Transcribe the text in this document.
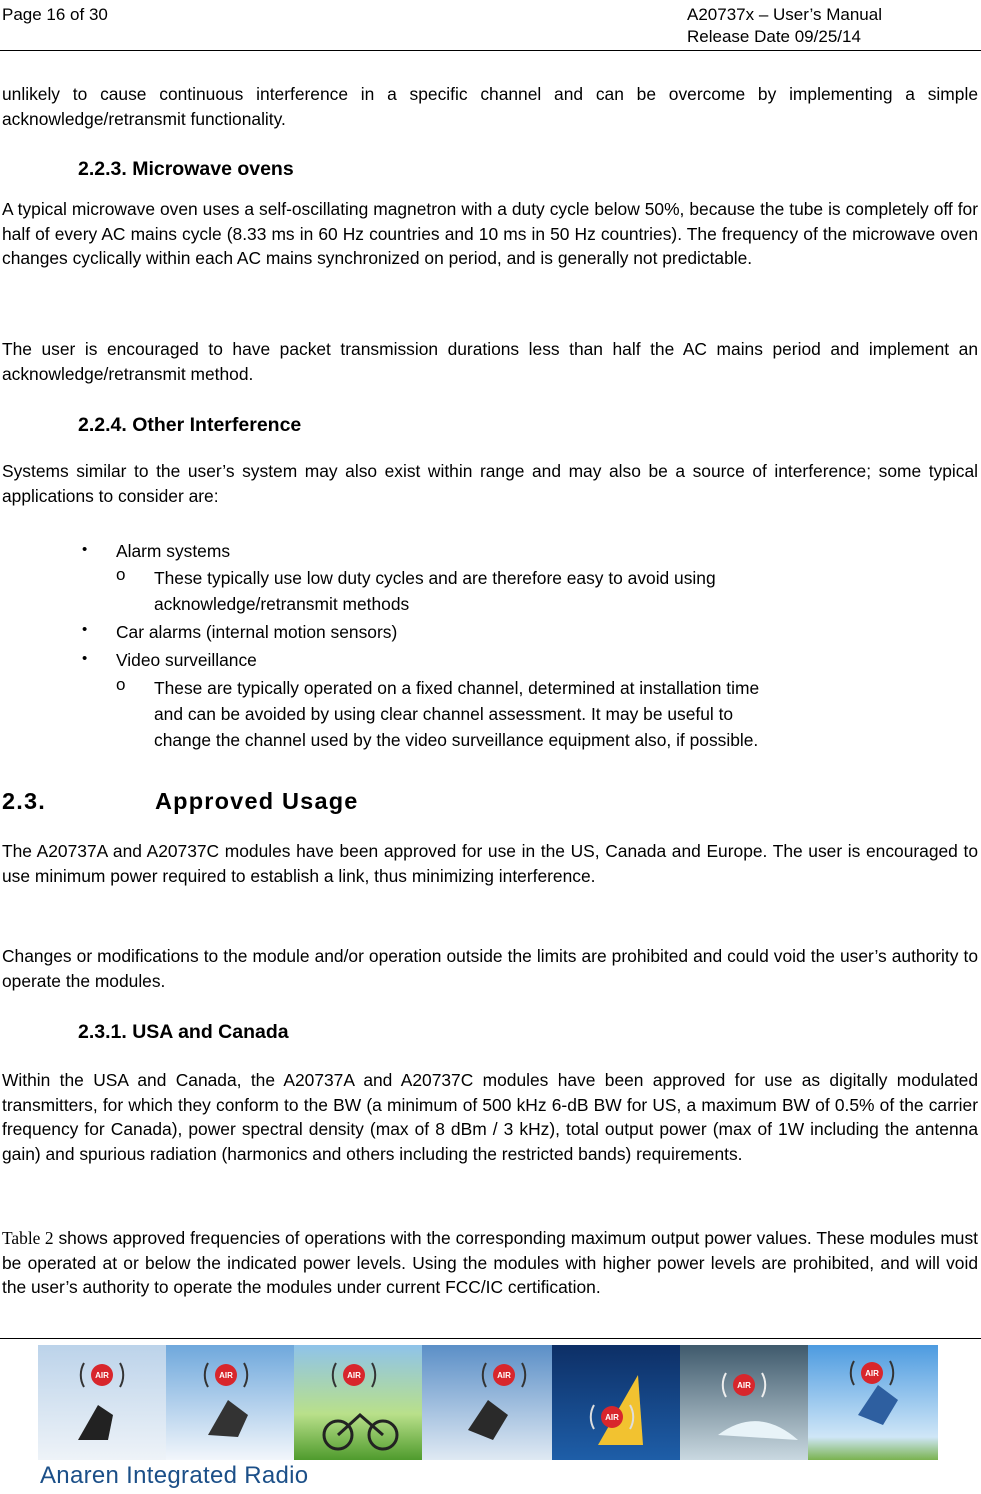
Page 16 of 30	A20737x – User’s Manual
Release Date 09/25/14
unlikely to cause continuous interference in a specific channel and can be overcome by implementing a simple acknowledge/retransmit functionality.
2.2.3. Microwave ovens
A typical microwave oven uses a self-oscillating magnetron with a duty cycle below 50%, because the tube is completely off for half of every AC mains cycle (8.33 ms in 60 Hz countries and 10 ms in 50 Hz countries). The frequency of the microwave oven changes cyclically within each AC mains synchronized on period, and is generally not predictable.
The user is encouraged to have packet transmission durations less than half the AC mains period and implement an acknowledge/retransmit method.
2.2.4. Other Interference
Systems similar to the user’s system may also exist within range and may also be a source of interference; some typical applications to consider are:
• Alarm systems
o These typically use low duty cycles and are therefore easy to avoid using
acknowledge/retransmit methods
• Car alarms (internal motion sensors)
• Video surveillance
o These are typically operated on a fixed channel, determined at installation time
and can be avoided by using clear channel assessment. It may be useful to
change the channel used by the video surveillance equipment also, if possible.
2.3.	Approved Usage
The A20737A and A20737C modules have been approved for use in the US, Canada and Europe. The user is encouraged to use minimum power required to establish a link, thus minimizing interference.
Changes or modifications to the module and/or operation outside the limits are prohibited and could void the user’s authority to operate the modules.
2.3.1. USA and Canada
Within the USA and Canada, the A20737A and A20737C modules have been approved for use as digitally modulated transmitters, for which they conform to the BW (a minimum of 500 kHz 6-dB BW for US, a maximum BW of 0.5% of the carrier frequency for Canada), power spectral density (max of 8 dBm / 3 kHz), total output power (max of 1W including the antenna gain) and spurious radiation (harmonics and others including the restricted bands) requirements.
Table 2 shows approved frequencies of operations with the corresponding maximum output power values. These modules must be operated at or below the indicated power levels. Using the modules with higher power levels are prohibited, and will void the user’s authority to operate the modules under current FCC/IC certification.
AIR	AIR	AIR	AIR
AIR
AIR
AIR
Anaren Integrated Radio
